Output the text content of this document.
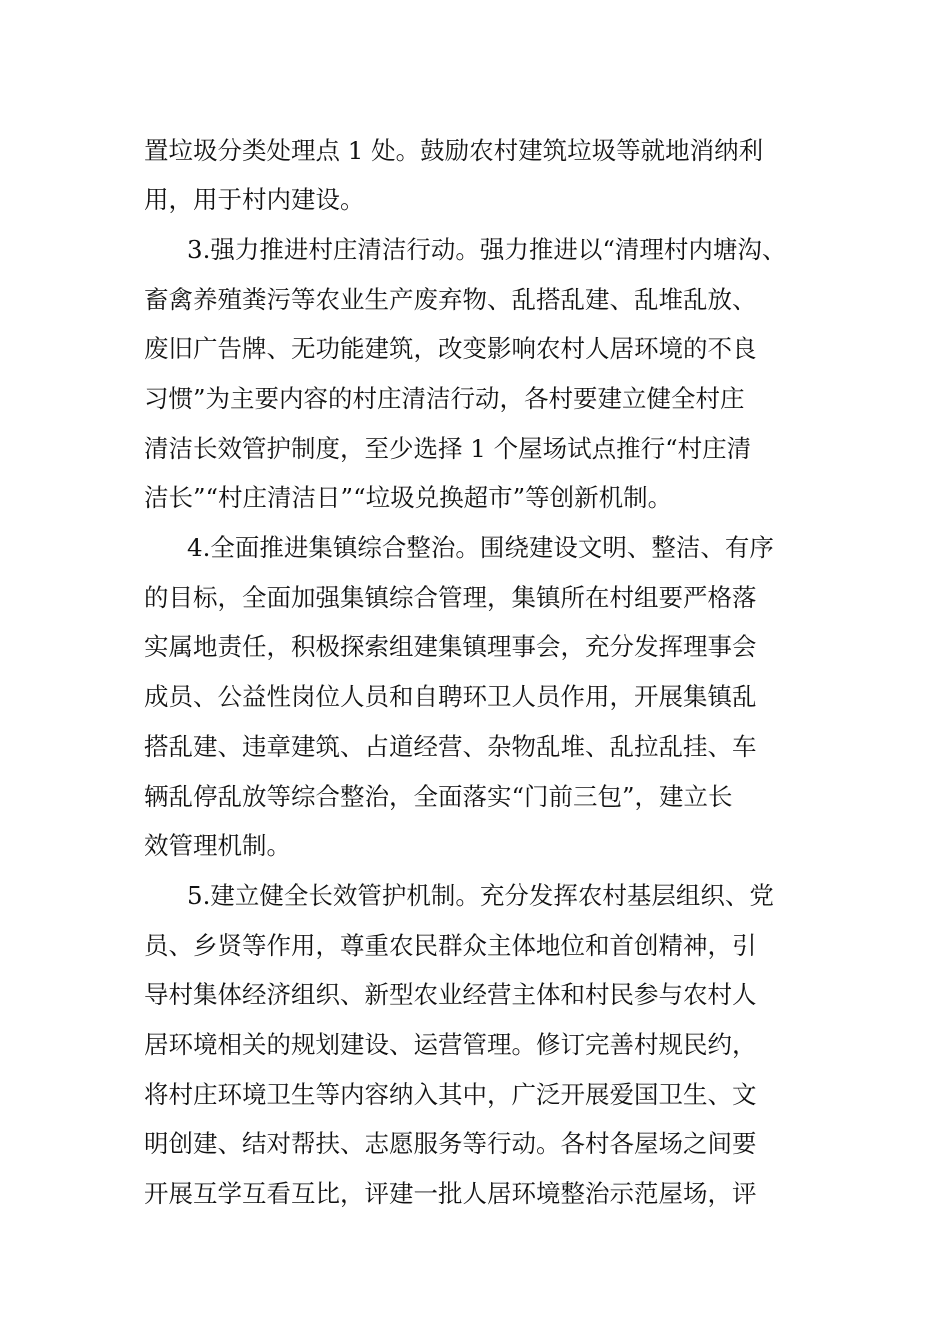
置垃圾分类处理点 1 处。鼓励农村建筑垃圾等就地消纳利
用，用于村内建设。
3.强力推进村庄清洁行动。强力推进以“清理村内塘沟、
畜禽养殖粪污等农业生产废弃物、乱搭乱建、乱堆乱放、
废旧广告牌、无功能建筑，改变影响农村人居环境的不良
习惯”为主要内容的村庄清洁行动，各村要建立健全村庄
清洁长效管护制度，至少选择 1 个屋场试点推行“村庄清
洁长”“村庄清洁日”“垃圾兑换超市”等创新机制。
4.全面推进集镇综合整治。围绕建设文明、整洁、有序
的目标，全面加强集镇综合管理，集镇所在村组要严格落
实属地责任，积极探索组建集镇理事会，充分发挥理事会
成员、公益性岗位人员和自聘环卫人员作用，开展集镇乱
搭乱建、违章建筑、占道经营、杂物乱堆、乱拉乱挂、车
辆乱停乱放等综合整治，全面落实“门前三包”，建立长
效管理机制。
5.建立健全长效管护机制。充分发挥农村基层组织、党
员、乡贤等作用，尊重农民群众主体地位和首创精神，引
导村集体经济组织、新型农业经营主体和村民参与农村人
居环境相关的规划建设、运营管理。修订完善村规民约，
将村庄环境卫生等内容纳入其中，广泛开展爱国卫生、文
明创建、结对帮扶、志愿服务等行动。各村各屋场之间要
开展互学互看互比，评建一批人居环境整治示范屋场，评
